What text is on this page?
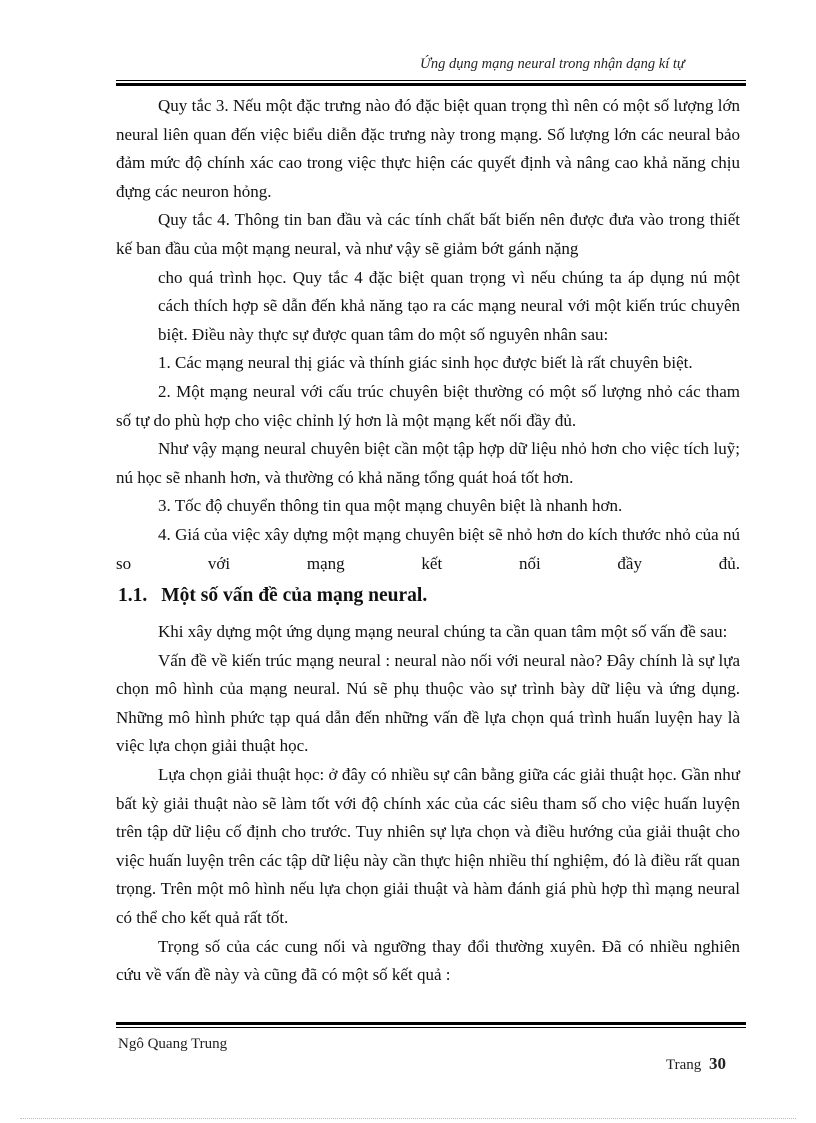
Ứng dụng mạng neural trong nhận dạng kí tự

Quy tắc 3. Nếu một đặc trưng nào đó đặc biệt quan trọng thì nên có một số lượng lớn neural liên quan đến việc biểu diễn đặc trưng này trong mạng. Số lượng lớn các neural bảo đảm mức độ chính xác cao trong việc thực hiện các quyết định và nâng cao khả năng chịu đựng các neuron hỏng.

Quy tắc 4. Thông tin ban đầu và các tính chất bất biến nên được đưa vào trong thiết kế ban đầu của một mạng neural, và như vậy sẽ giảm bớt gánh nặng

cho quá trình học. Quy tắc 4 đặc biệt quan trọng vì nếu chúng ta áp dụng nú một cách thích hợp sẽ dẫn đến khả năng tạo ra các mạng neural với một kiến trúc chuyên biệt. Điều này thực sự được quan tâm do một số nguyên nhân sau:

1. Các mạng neural thị giác và thính giác sinh học được biết là rất chuyên biệt.

2. Một mạng neural với cấu trúc chuyên biệt thường có một số lượng nhỏ các tham số tự do phù hợp cho việc chỉnh lý hơn là một mạng kết nối đầy đủ.

Như vậy mạng neural chuyên biệt cần một tập hợp dữ liệu nhỏ hơn cho việc tích luỹ; nú học sẽ nhanh hơn, và thường có khả năng tổng quát hoá tốt hơn.

3. Tốc độ chuyển thông tin qua một mạng chuyên biệt là nhanh hơn.

4. Giá của việc xây dựng một mạng chuyên biệt sẽ nhỏ hơn do kích thước nhỏ của nú so với mạng kết nối đầy đủ.

1.1. Một số vấn đề của mạng neural.

Khi xây dựng một ứng dụng mạng neural chúng ta cần quan tâm một số vấn đề sau:

Vấn đề về kiến trúc mạng neural : neural nào nối với neural nào? Đây chính là sự lựa chọn mô hình của mạng neural. Nú sẽ phụ thuộc vào sự trình bày dữ liệu và ứng dụng. Những mô hình phức tạp quá dẫn đến những vấn đề lựa chọn quá trình huấn luyện hay là việc lựa chọn giải thuật học.

Lựa chọn giải thuật học: ở đây có nhiều sự cân bằng giữa các giải thuật học. Gần như bất kỳ giải thuật nào sẽ làm tốt với độ chính xác của các siêu tham số cho việc huấn luyện trên tập dữ liệu cố định cho trước. Tuy nhiên sự lựa chọn và điều hướng của giải thuật cho việc huấn luyện trên các tập dữ liệu này cần thực hiện nhiều thí nghiệm, đó là điều rất quan trọng. Trên một mô hình nếu lựa chọn giải thuật và hàm đánh giá phù hợp thì mạng neural có thể cho kết quả rất tốt.

Trọng số của các cung nối và ngưỡng thay đổi thường xuyên. Đã có nhiều nghiên cứu về vấn đề này và cũng đã có một số kết quả :

Ngô Quang Trung
Trang 30
